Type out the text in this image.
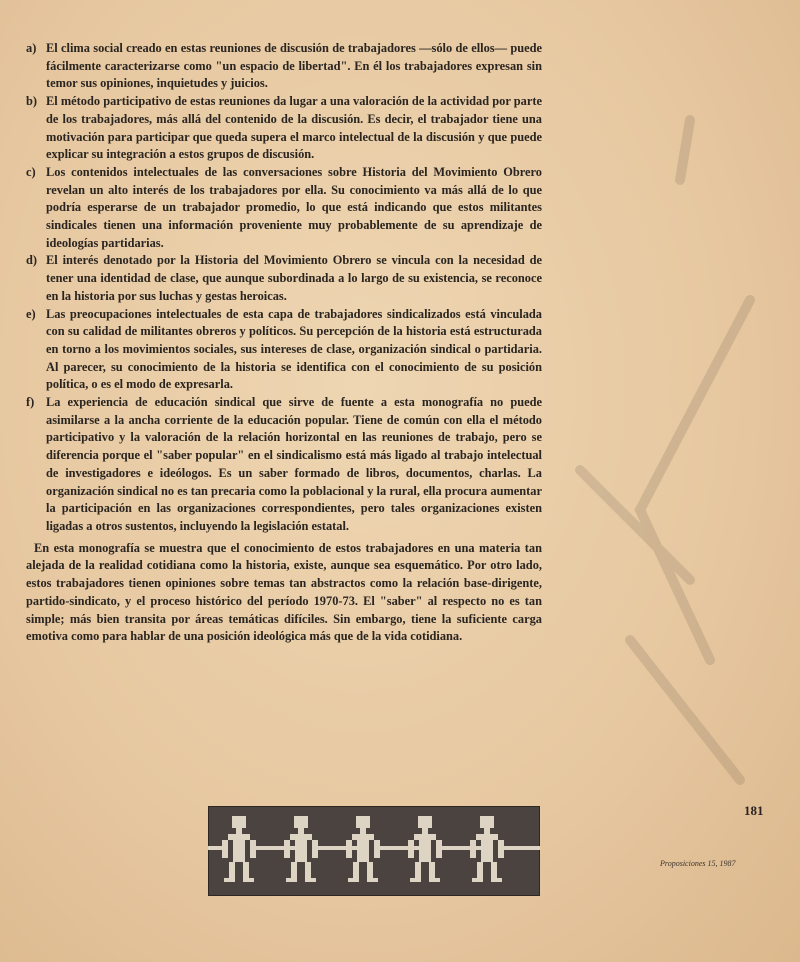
a) El clima social creado en estas reuniones de discusión de trabajadores —sólo de ellos— puede fácilmente caracterizarse como "un espacio de libertad". En él los trabajadores expresan sin temor sus opiniones, inquietudes y juicios.
b) El método participativo de estas reuniones da lugar a una valoración de la actividad por parte de los trabajadores, más allá del contenido de la discusión. Es decir, el trabajador tiene una motivación para participar que queda supera el marco intelectual de la discusión y que puede explicar su integración a estos grupos de discusión.
c) Los contenidos intelectuales de las conversaciones sobre Historia del Movimiento Obrero revelan un alto interés de los trabajadores por ella. Su conocimiento va más allá de lo que podría esperarse de un trabajador promedio, lo que está indicando que estos militantes sindicales tienen una información proveniente muy probablemente de su aprendizaje de ideologías partidarias.
d) El interés denotado por la Historia del Movimiento Obrero se vincula con la necesidad de tener una identidad de clase, que aunque subordinada a lo largo de su existencia, se reconoce en la historia por sus luchas y gestas heroicas.
e) Las preocupaciones intelectuales de esta capa de trabajadores sindicalizados está vinculada con su calidad de militantes obreros y políticos. Su percepción de la historia está estructurada en torno a los movimientos sociales, sus intereses de clase, organización sindical o partidaria. Al parecer, su conocimiento de la historia se identifica con el conocimiento de su posición política, o es el modo de expresarla.
f) La experiencia de educación sindical que sirve de fuente a esta monografía no puede asimilarse a la ancha corriente de la educación popular. Tiene de común con ella el método participativo y la valoración de la relación horizontal en las reuniones de trabajo, pero se diferencia porque el "saber popular" en el sindicalismo está más ligado al trabajo intelectual de investigadores e ideólogos. Es un saber formado de libros, documentos, charlas. La organización sindical no es tan precaria como la poblacional y la rural, ella procura aumentar la participación en las organizaciones correspondientes, pero tales organizaciones existen ligadas a otros sustentos, incluyendo la legislación estatal.

En esta monografía se muestra que el conocimiento de estos trabajadores en una materia tan alejada de la realidad cotidiana como la historia, existe, aunque sea esquemático. Por otro lado, estos trabajadores tienen opiniones sobre temas tan abstractos como la relación base-dirigente, partido-sindicato, y el proceso histórico del período 1970-73. El "saber" al respecto no es tan simple; más bien transita por áreas temáticas difíciles. Sin embargo, tiene la suficiente carga emotiva como para hablar de una posición ideológica más que de la vida cotidiana.

181
Proposiciones 15, 1987
